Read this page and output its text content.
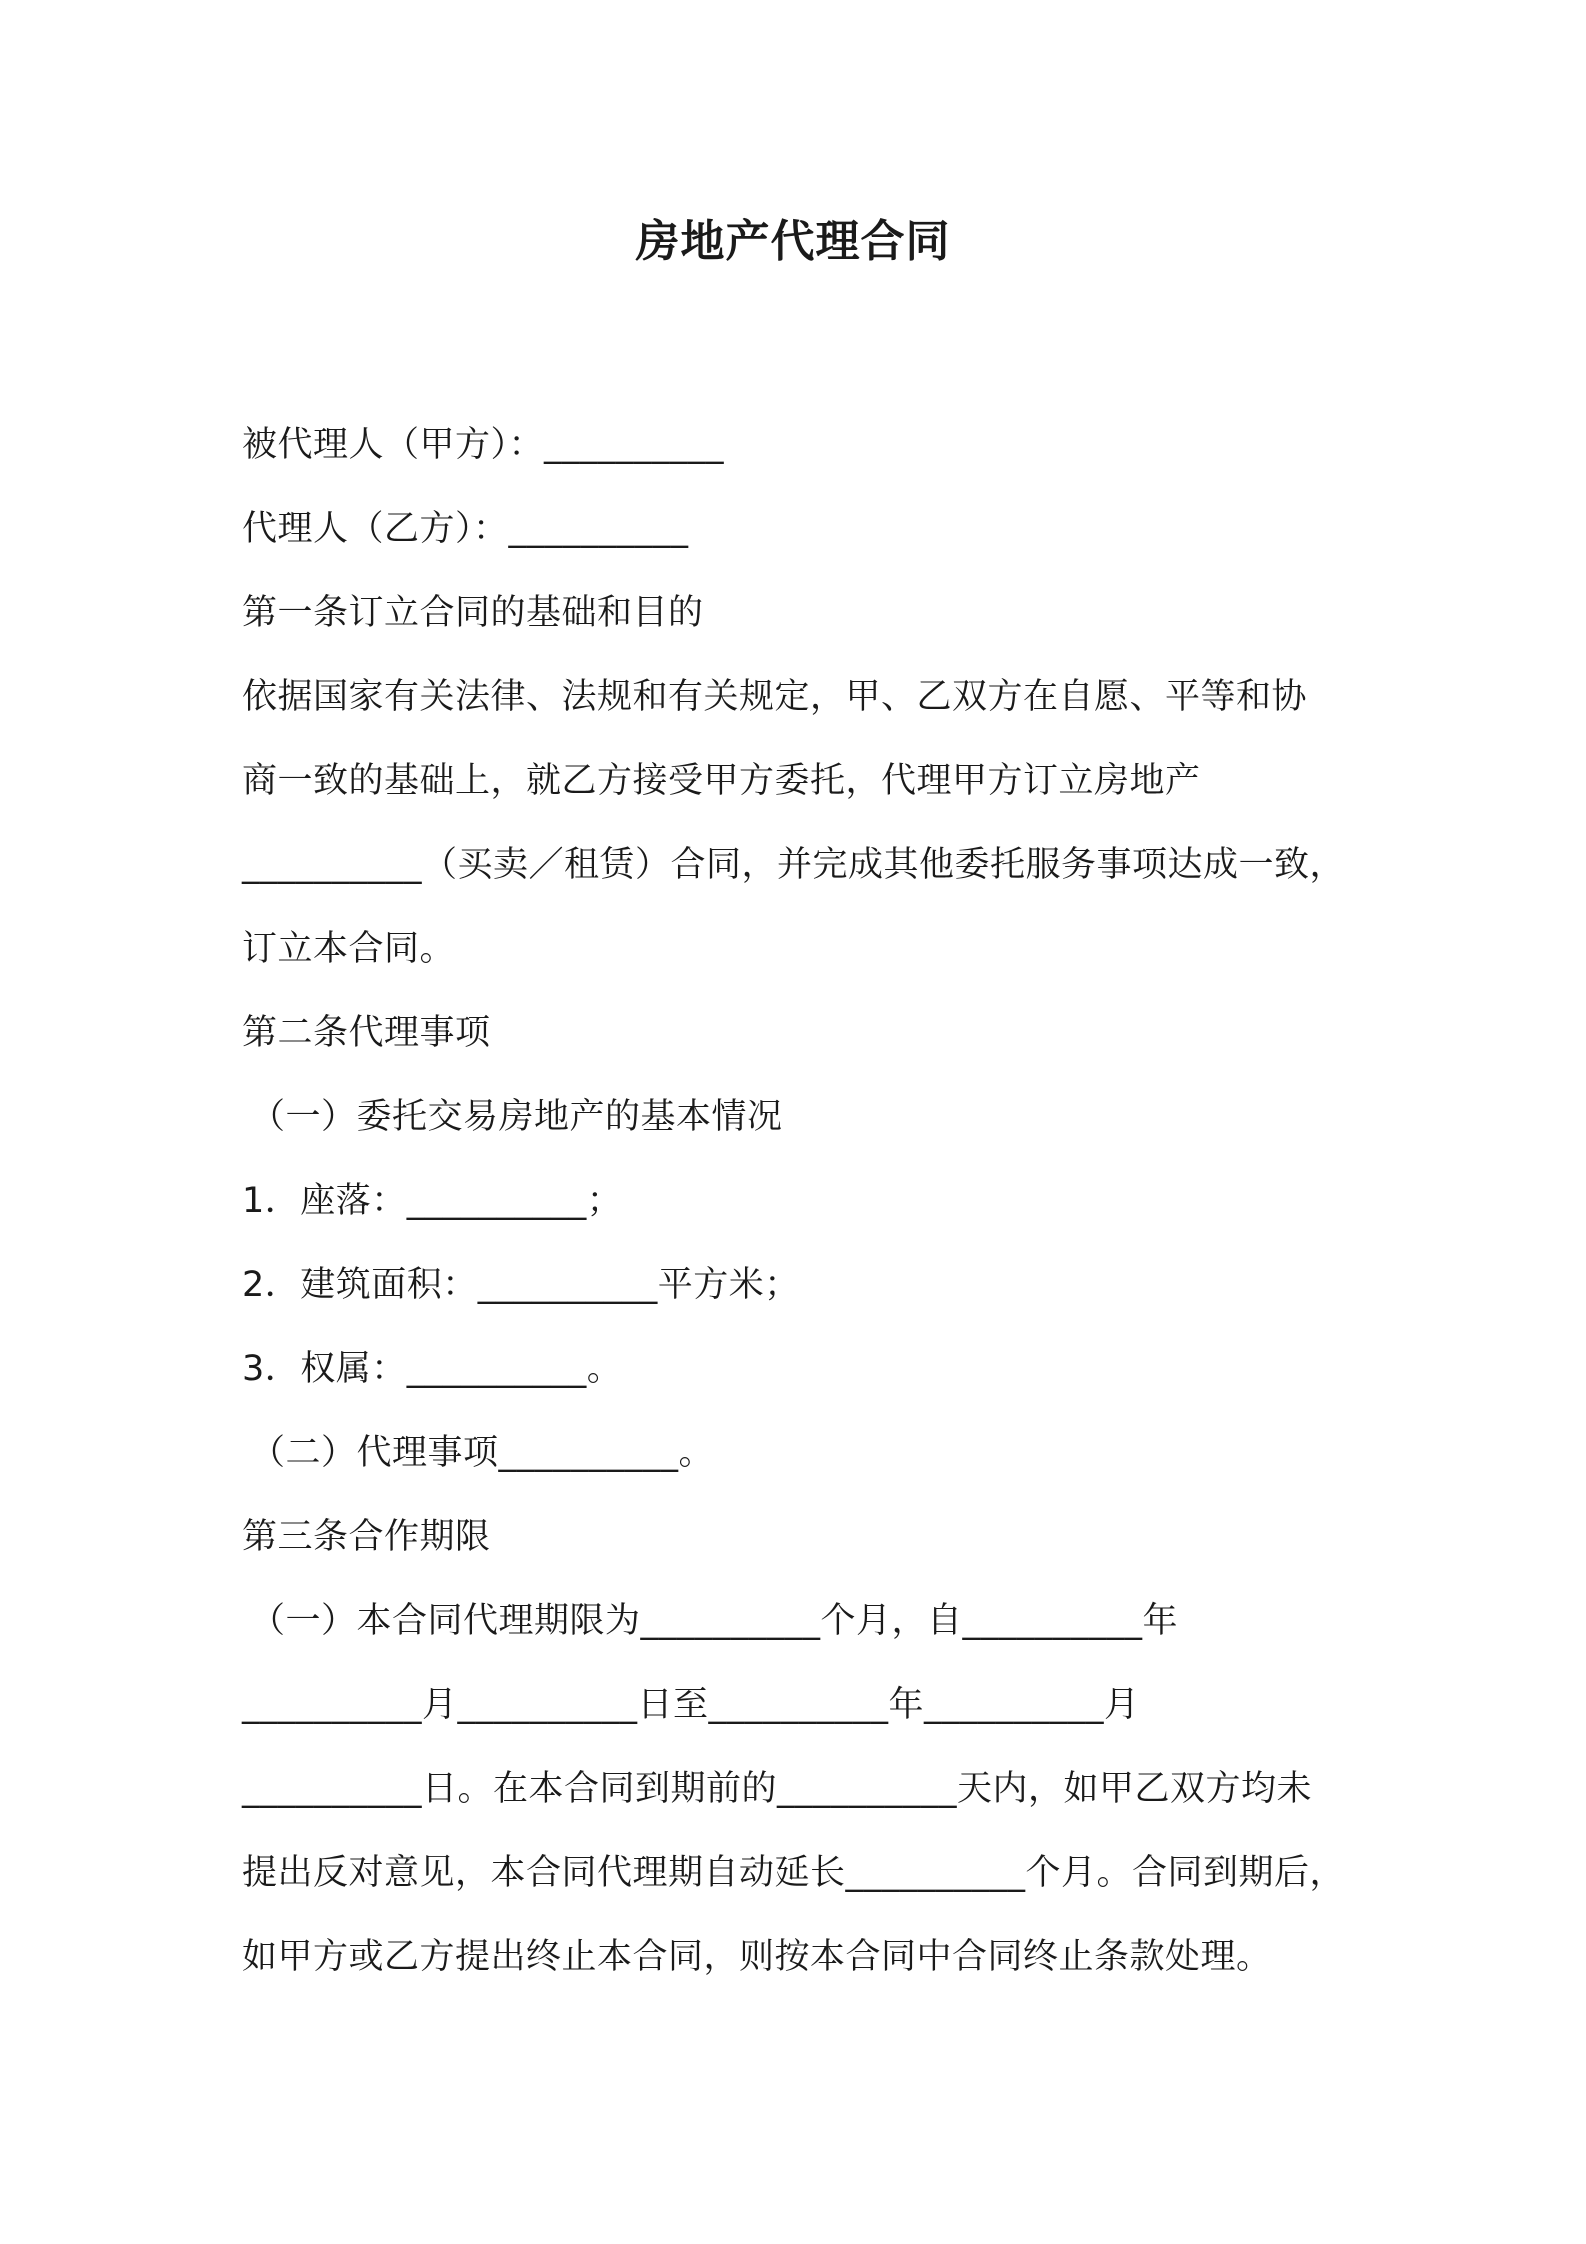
房地产代理合同
被代理人（甲方）：__________
代理人（乙方）：__________
第一条订立合同的基础和目的
依据国家有关法律、法规和有关规定，甲、乙双方在自愿、平等和协
商一致的基础上，就乙方接受甲方委托，代理甲方订立房地产
__________（买卖／租赁）合同，并完成其他委托服务事项达成一致，
订立本合同。
第二条代理事项
（一）委托交易房地产的基本情况
1．座落：__________；
2．建筑面积：__________平方米；
3．权属：__________。
（二）代理事项__________。
第三条合作期限
（一）本合同代理期限为__________个月，自__________年
__________月__________日至__________年__________月
__________日。在本合同到期前的__________天内，如甲乙双方均未
提出反对意见，本合同代理期自动延长__________个月。合同到期后，
如甲方或乙方提出终止本合同，则按本合同中合同终止条款处理。
